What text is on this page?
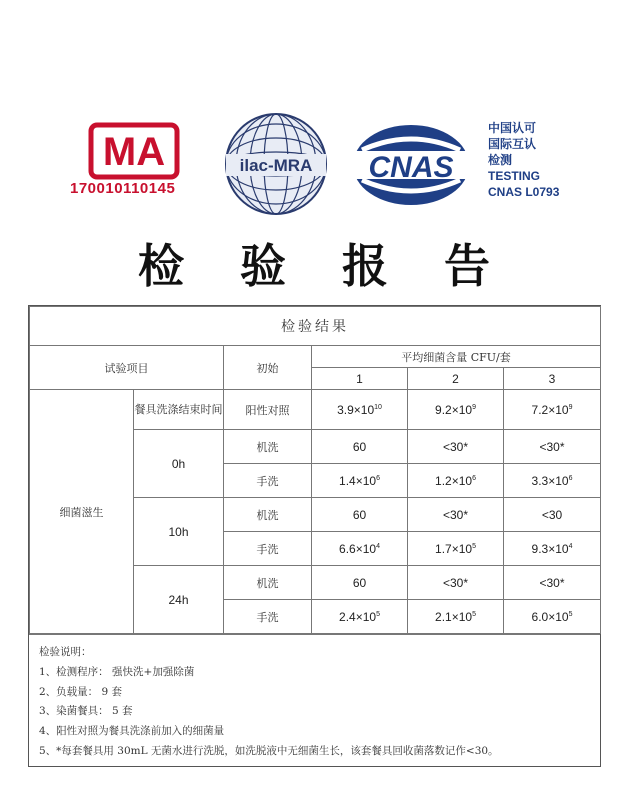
MA
170010110145
ilac-MRA CNAS
中国认可
国际互认
检测
TESTING
CNAS L0793
检 验 报 告
检验结果					
试验项目		初始	平均细菌含量 CFU/套		
			1	2	3
细菌滋生	餐具洗涤结束时间	阳性对照	$3.9\times 10^{10}$	$9.2\times 10^9$	$7.2\times 10^9$
	0h	机洗	60	<30*	<30*
		手洗	$1.4\times 10^6$	$1.2\times 10^6$	$3.3\times 10^6$
	10h	机洗	60	<30*	<30
		手洗	$6.6\times 10^4$	$1.7\times 10^5$	$9.3\times 10^4$
	24h	机洗	60	<30*	<30*
		手洗	$2.4\times 10^5$	$2.1\times 10^5$	$6.0\times 10^5$
检验说明：
1、检测程序： 强快洗+加强除菌
2、负载量： 9 套
3、染菌餐具： 5 套
4、阳性对照为餐具洗涤前加入的细菌量
5、*每套餐具用 30mL 无菌水进行洗脱，如洗脱液中无细菌生长，该套餐具回收菌落数记作<30。
